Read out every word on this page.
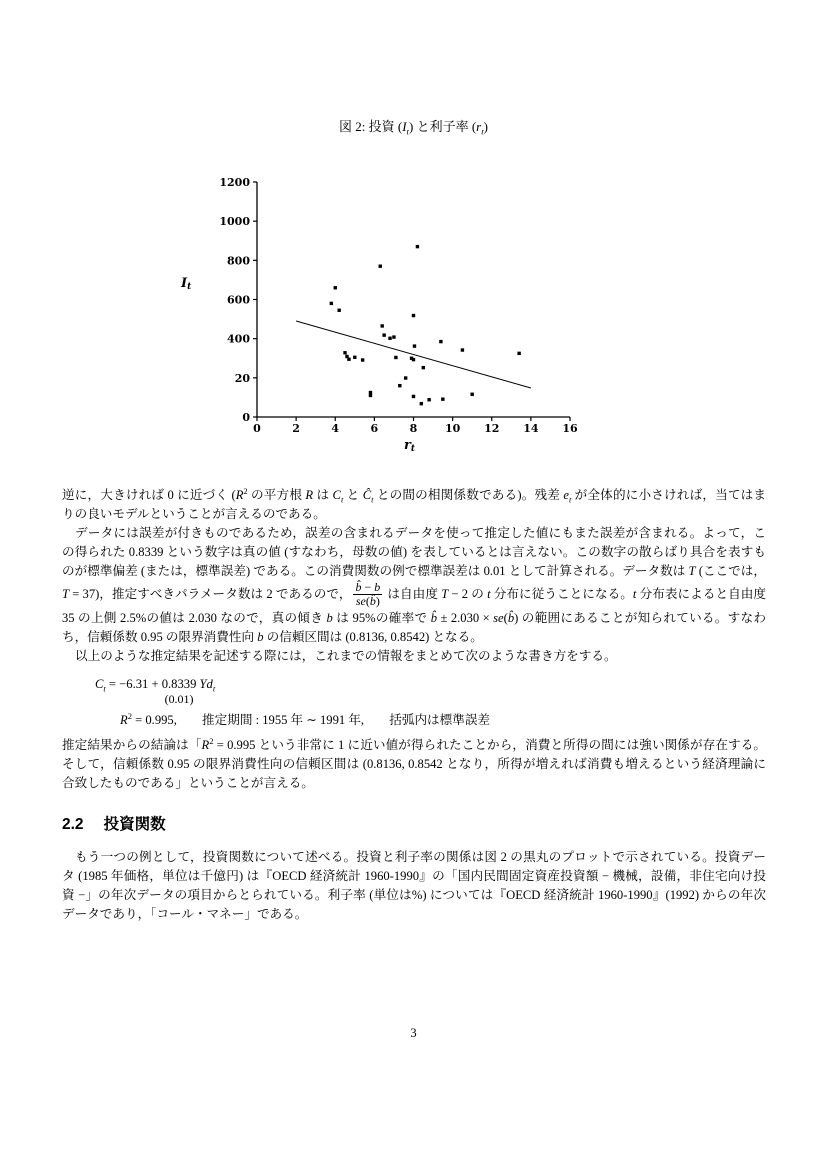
図 2: 投資 $(I_t)$ と利子率 $(r_t)$
0	2	4	6	8	10 12 14 16
0
20
400
600
800
1000
1200
It
rt

逆に，大きければ 0 に近づく ($R^2$ の平方根 R は $C_t$ と $Ĉ_t$ との間の相関係数である)。残差 $e_t$ が全体的に小さければ，当てはまりの良いモデルということが言えるのである。

データには誤差が付きものであるため，誤差の含まれるデータを使って推定した値にもまた誤差が含まれる。よって，この得られた 0.8339 という数字は真の値 (すなわち，母数の値) を表しているとは言えない。この数字の散らばり具合を表すものが標準偏差 (または，標準誤差) である。この消費関数の例で標準誤差は 0.01 として計算される。データ数は T (ここでは，T = 37)，推定すべきパラメータ数は 2 であるので， $\frac{b̂ - b}{se(b̂)}$ は自由度 T − 2 の t 分布に従うことになる。t 分布表によると自由度 35 の上側 2.5%の値は 2.030 なので，真の傾き b は 95%の確率で b̂ ± 2.030 × se(b̂) の範囲にあることが知られている。すなわち，信頼係数 0.95 の限界消費性向 b の信頼区間は (0.8136, 0.8542) となる。

以上のような推定結果を記述する際には，これまでの情報をまとめて次のような書き方をする。

$C_t = -6.31 + 0.8339$
(0.01)
$Yd_t$
$R^2 = 0.995$,　　推定期間 : 1955 年 ∼ 1991 年,　　括弧内は標準誤差

推定結果からの結論は「$R^2 = 0.995$ という非常に 1 に近い値が得られたことから，消費と所得の間には強い関係が存在する。そして，信頼係数 0.95 の限界消費性向の信頼区間は (0.8136, 0.8542 となり，所得が増えれば消費も増えるという経済理論に合致したものである」ということが言える。

2.2 投資関数

もう一つの例として，投資関数について述べる。投資と利子率の関係は図 2 の黒丸のプロットで示されている。投資データ (1985 年価格，単位は千億円) は『OECD 経済統計 1960-1990』の「国内民間固定資産投資額 − 機械，設備，非住宅向け投資 −」の年次データの項目からとられている。利子率 (単位は%) については『OECD 経済統計 1960-1990』(1992) からの年次データであり，「コール・マネー」である。

3
